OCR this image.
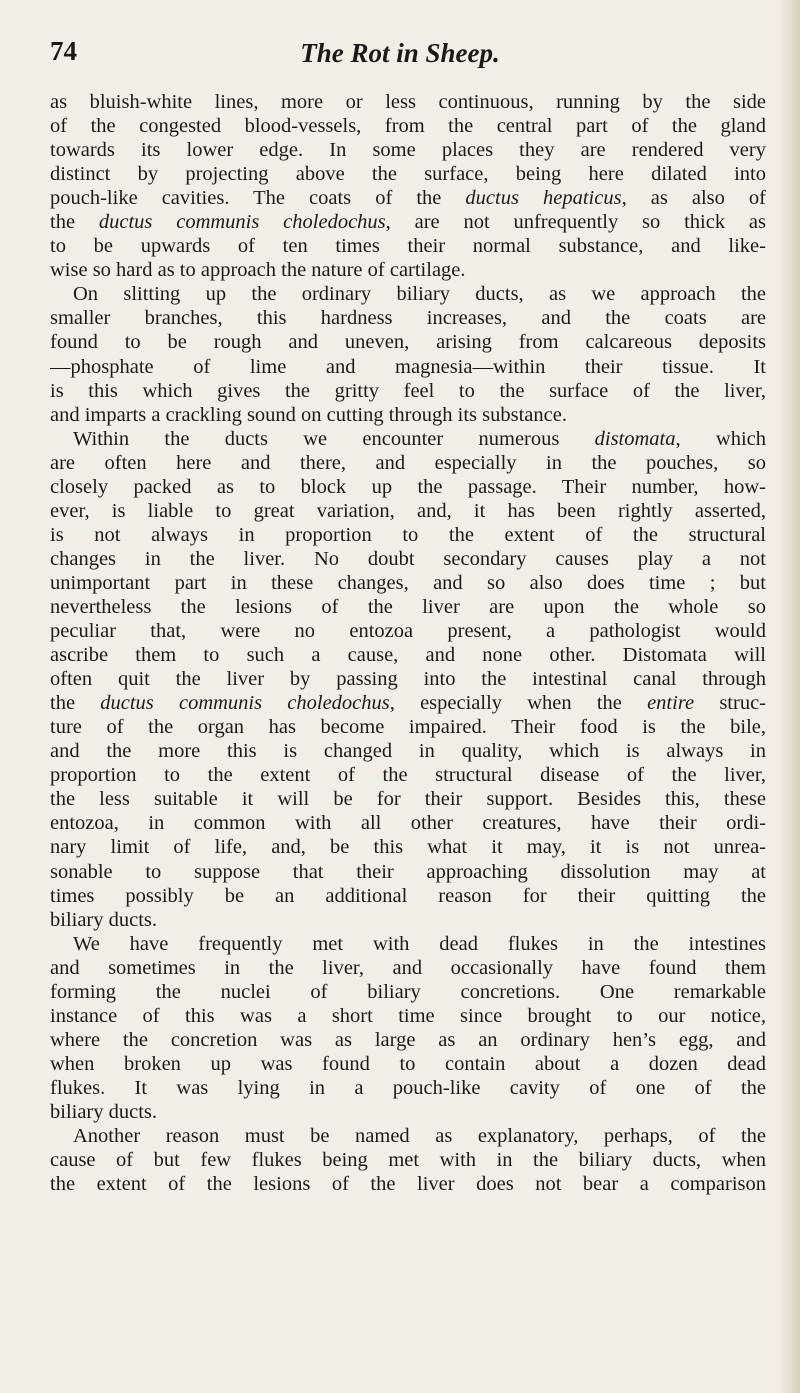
74	The Rot in Sheep.
as bluish-white lines, more or less continuous, running by the side
of the congested blood-vessels, from the central part of the gland
towards its lower edge. In some places they are rendered very
distinct by projecting above the surface, being here dilated into
pouch-like cavities. The coats of the ductus hepaticus, as also of
the ductus communis choledochus, are not unfrequently so thick as
to be upwards of ten times their normal substance, and like-
wise so hard as to approach the nature of cartilage.
On slitting up the ordinary biliary ducts, as we approach the
smaller branches, this hardness increases, and the coats are
found to be rough and uneven, arising from calcareous deposits
—phosphate of lime and magnesia—within their tissue. It
is this which gives the gritty feel to the surface of the liver,
and imparts a crackling sound on cutting through its substance.
Within the ducts we encounter numerous distomata, which
are often here and there, and especially in the pouches, so
closely packed as to block up the passage. Their number, how-
ever, is liable to great variation, and, it has been rightly asserted,
is not always in proportion to the extent of the structural
changes in the liver. No doubt secondary causes play a not
unimportant part in these changes, and so also does time ; but
nevertheless the lesions of the liver are upon the whole so
peculiar that, were no entozoa present, a pathologist would
ascribe them to such a cause, and none other. Distomata will
often quit the liver by passing into the intestinal canal through
the ductus communis choledochus, especially when the entire struc-
ture of the organ has become impaired. Their food is the bile,
and the more this is changed in quality, which is always in
proportion to the extent of the structural disease of the liver,
the less suitable it will be for their support. Besides this, these
entozoa, in common with all other creatures, have their ordi-
nary limit of life, and, be this what it may, it is not unrea-
sonable to suppose that their approaching dissolution may at
times possibly be an additional reason for their quitting the
biliary ducts.
We have frequently met with dead flukes in the intestines
and sometimes in the liver, and occasionally have found them
forming the nuclei of biliary concretions. One remarkable
instance of this was a short time since brought to our notice,
where the concretion was as large as an ordinary hen’s egg, and
when broken up was found to contain about a dozen dead
flukes. It was lying in a pouch-like cavity of one of the
biliary ducts.
Another reason must be named as explanatory, perhaps, of the
cause of but few flukes being met with in the biliary ducts, when
the extent of the lesions of the liver does not bear a comparison
